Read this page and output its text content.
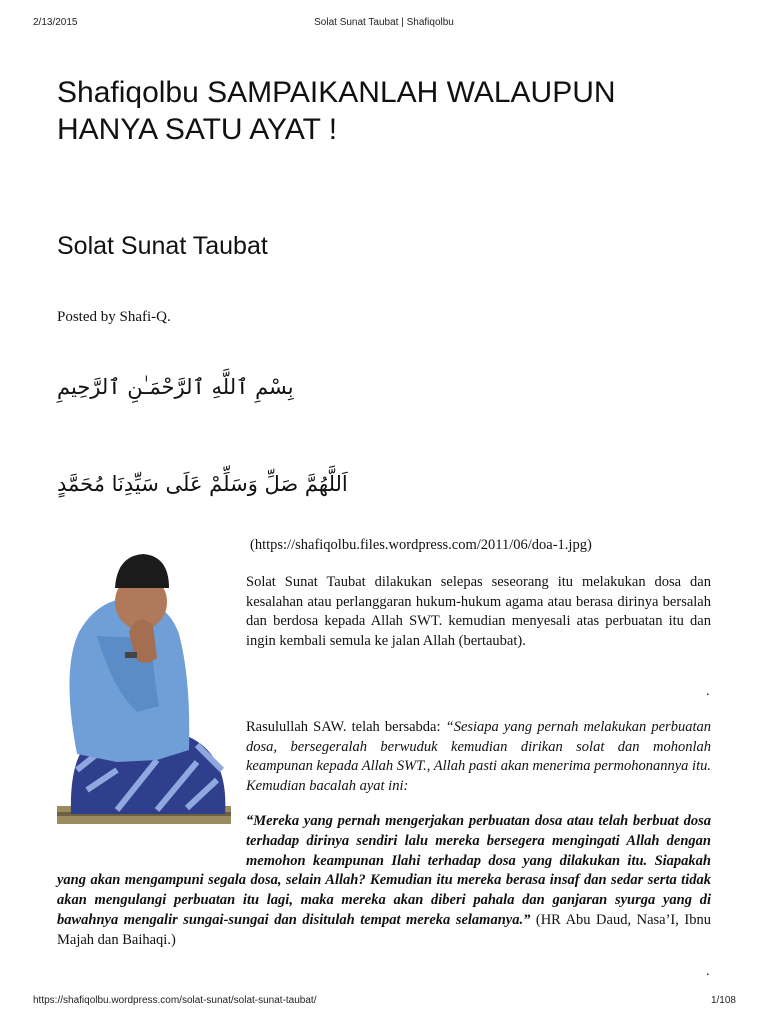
2/13/2015	Solat Sunat Taubat | Shafiqolbu
Shafiqolbu SAMPAIKANLAH WALAUPUN HANYA SATU AYAT !
Solat Sunat Taubat
Posted by Shafi-Q.
بِسْمِ ٱللَّهِ ٱلرَّحْمَـٰنِ ٱلرَّحِيمِ
اَللَّهُمَّ صَلِّ وَسَلِّمْ عَلَى سَيِّدِنَا مُحَمَّدٍ
(https://shafiqolbu.files.wordpress.com/2011/06/doa-1.jpg)
Solat Sunat Taubat dilakukan selepas seseorang itu melakukan dosa dan kesalahan atau perlanggaran hukum-hukum agama atau berasa dirinya bersalah dan berdosa kepada Allah SWT. kemudian menyesali atas perbuatan itu dan ingin kembali semula ke jalan Allah (bertaubat).
.
Rasulullah SAW. telah bersabda: “Sesiapa yang pernah melakukan perbuatan dosa, bersegeralah berwuduk kemudian dirikan solat dan mohonlah keampunan kepada Allah SWT., Allah pasti akan menerima permohonannya itu. Kemudian bacalah ayat ini:
“Mereka yang pernah mengerjakan perbuatan dosa atau telah berbuat dosa terhadap dirinya sendiri lalu mereka bersegera mengingati Allah dengan memohon keampunan Ilahi terhadap dosa yang dilakukan itu. Siapakah yang akan mengampuni segala dosa, selain Allah? Kemudian itu mereka berasa insaf dan sedar serta tidak akan mengulangi perbuatan itu lagi, maka mereka akan diberi pahala dan ganjaran syurga yang di bawahnya mengalir sungai-sungai dan disitulah tempat mereka selamanya.” (HR Abu Daud, Nasa’I, Ibnu Majah dan Baihaqi.)
.
https://shafiqolbu.wordpress.com/solat-sunat/solat-sunat-taubat/	1/108
